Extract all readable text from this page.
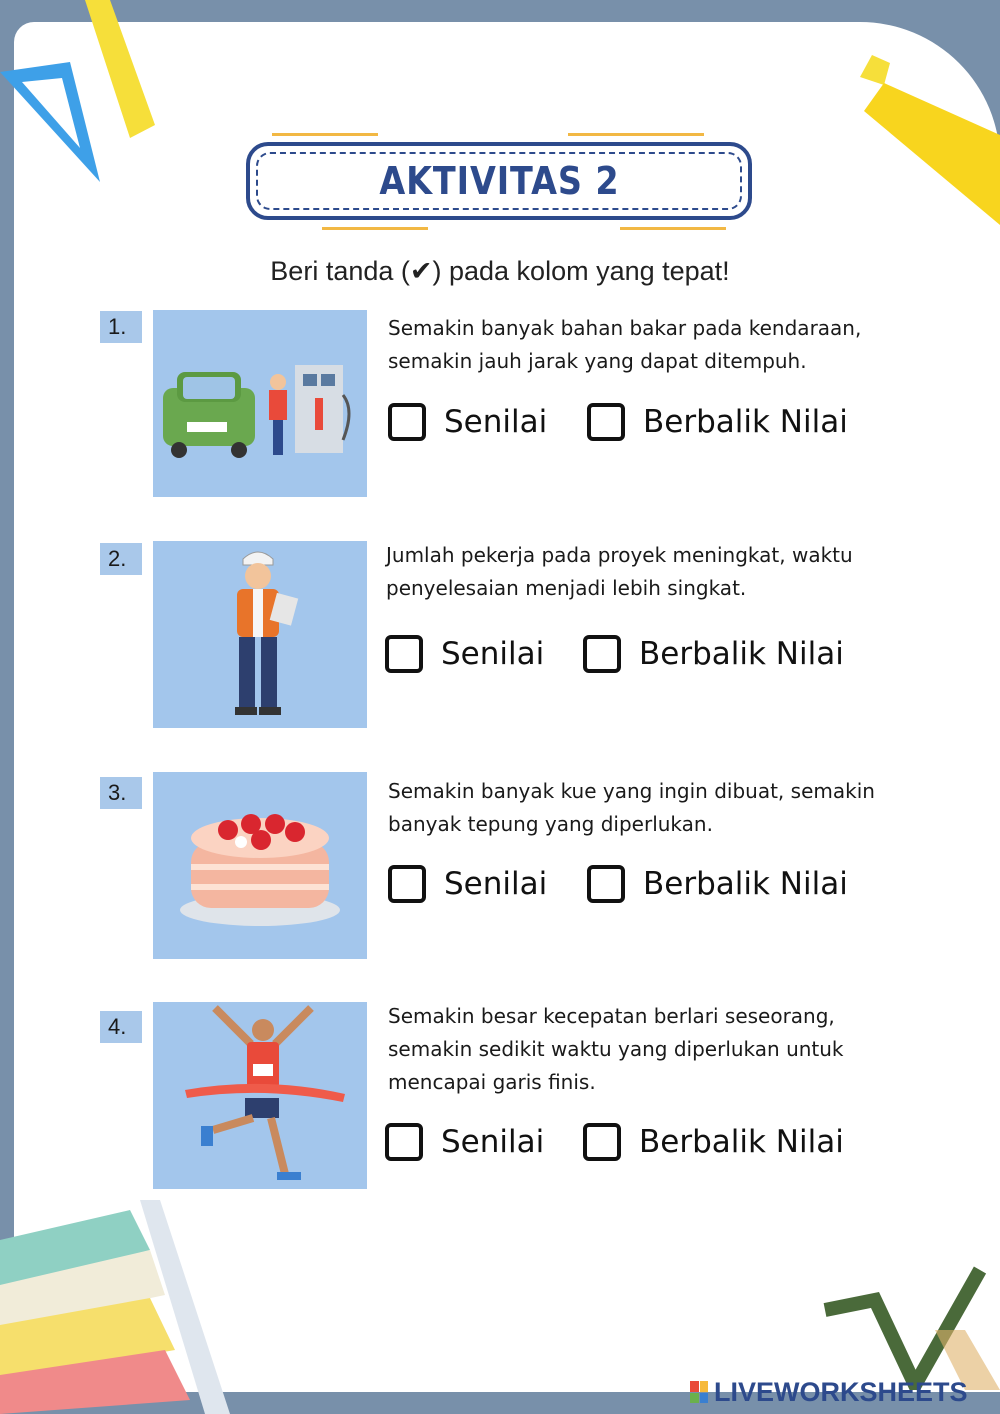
AKTIVITAS 2
Beri tanda (✔) pada kolom yang tepat!
1.	Semakin banyak bahan bakar pada kendaraan, semakin jauh jarak yang dapat ditempuh.
Senilai	Berbalik Nilai
2.	Jumlah pekerja pada proyek meningkat, waktu penyelesaian menjadi lebih singkat.
Senilai	Berbalik Nilai
3.	Semakin banyak kue yang ingin dibuat, semakin banyak tepung yang diperlukan.
Senilai	Berbalik Nilai
4.	Semakin besar kecepatan berlari seseorang, semakin sedikit waktu yang diperlukan untuk mencapai garis finis.
Senilai	Berbalik Nilai
LIVEWORKSHEETS
